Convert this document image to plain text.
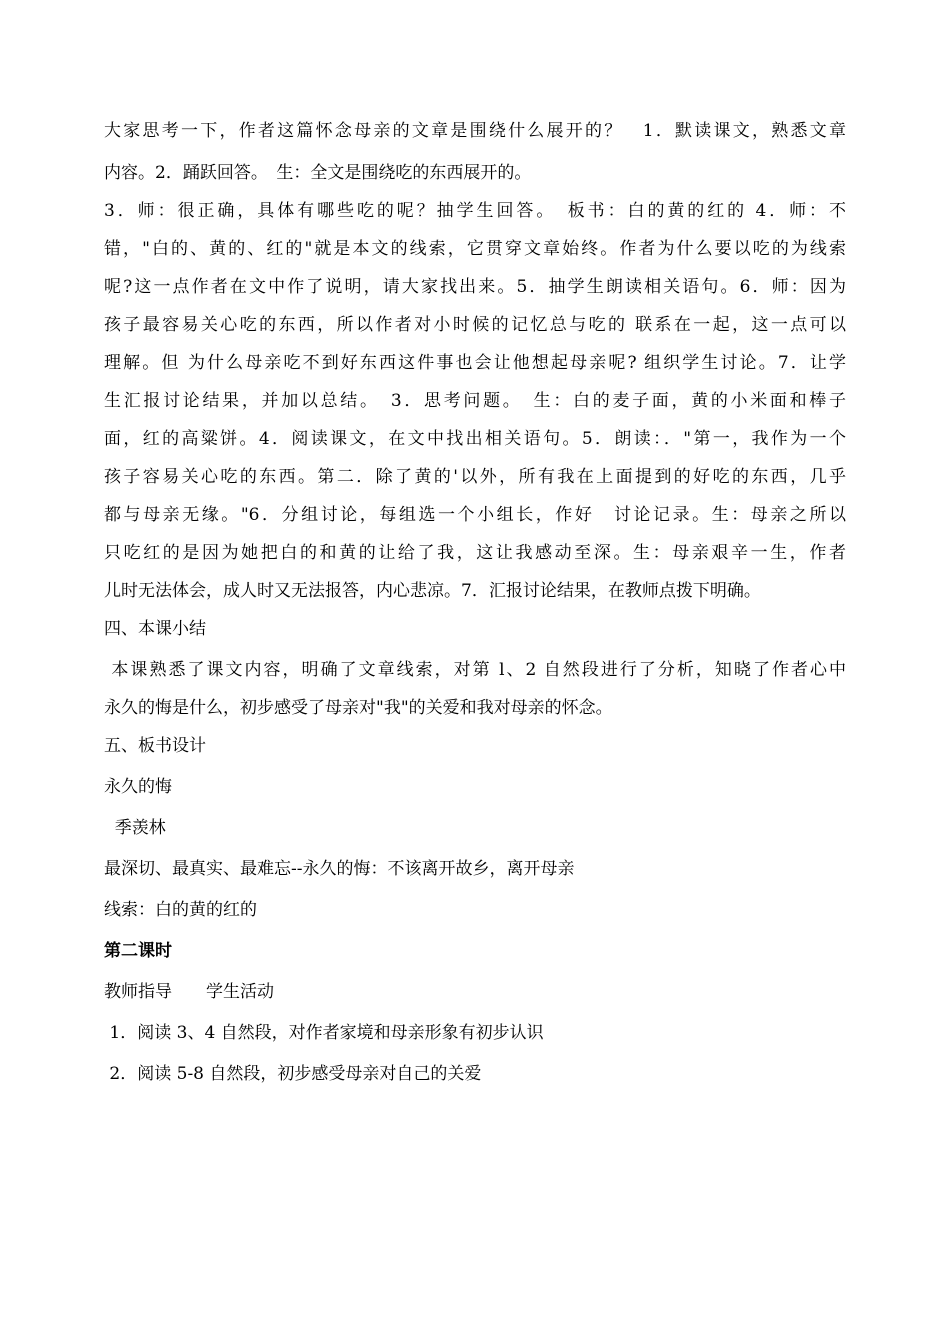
大家思考一下，作者这篇怀念母亲的文章是围绕什么展开的？　1．默读课文，熟悉文章
内容。2．踊跃回答。　生：全文是围绕吃的东西展开的。
3．师：很正确，具体有哪些吃的呢？抽学生回答。　板书：白的黄的红的 4．师：不
错，"白的、黄的、红的"就是本文的线索，它贯穿文章始终。作者为什么要以吃的为线索
呢?这一点作者在文中作了说明，请大家找出来。5．抽学生朗读相关语句。6．师：因为
孩子最容易关心吃的东西，所以作者对小时候的记忆总与吃的 联系在一起，这一点可以
理解。但 为什么母亲吃不到好东西这件事也会让他想起母亲呢? 组织学生讨论。7．让学
生汇报讨论结果，并加以总结。　3．思考问题。　生：白的麦子面，黄的小米面和棒子
面，红的高粱饼。4．阅读课文，在文中找出相关语句。5．朗读：．"第一，我作为一个
孩子容易关心吃的东西。第二．除了黄的'以外，所有我在上面提到的好吃的东西，几乎
都与母亲无缘。"6．分组讨论，每组选一个小组长，作好　讨论记录。生：母亲之所以
只吃红的是因为她把白的和黄的让给了我，这让我感动至深。生：母亲艰辛一生，作者
儿时无法体会，成人时又无法报答，内心悲凉。7．汇报讨论结果，在教师点拨下明确。
四、本课小结
本课熟悉了课文内容，明确了文章线索，对第 l、2 自然段进行了分析，知晓了作者心中
永久的悔是什么，初步感受了母亲对"我"的关爱和我对母亲的怀念。
五、板书设计
永久的悔
季羡林
最深切、最真实、最难忘--永久的悔：不该离开故乡，离开母亲
线索：白的黄的红的
第二课时
教师指导　　学生活动
1．阅读 3、4 自然段，对作者家境和母亲形象有初步认识
2．阅读 5-8 自然段，初步感受母亲对自己的关爱
